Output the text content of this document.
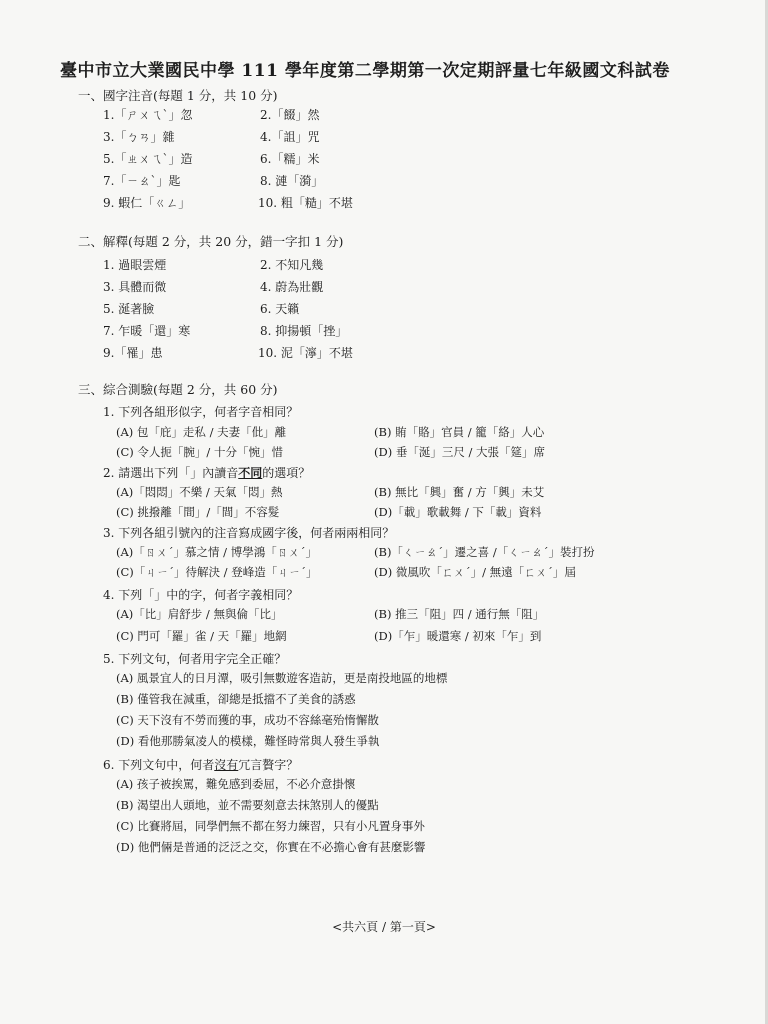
臺中市立大業國民中學 111 學年度第二學期第一次定期評量七年級國文科試卷
一、國字注音(每題 1 分，共 10 分)
1.「ㄕㄨㄟˋ」忽	2.「餟」然
3.「ㄅㄢ」雜	4.「詛」咒
5.「ㄓㄨㄟˋ」造	6.「糯」米
7.「ㄧㄠˋ」匙	8. 漣「漪」
9. 蝦仁「ㄍㄥ」	10. 粗「糙」不堪
二、解釋(每題 2 分，共 20 分，錯一字扣 1 分)
1. 過眼雲煙	2. 不知凡幾
3. 具體而微	4. 蔚為壯觀
5. 涎著臉	6. 天籟
7. 乍暖「還」寒	8. 抑揚頓「挫」
9.「罹」患	10. 泥「濘」不堪
三、綜合測驗(每題 2 分，共 60 分)
1. 下列各組形似字，何者字音相同？
(A) 包「庇」走私 / 夫妻「仳」離	(B) 賄「賂」官員 / 籠「絡」人心
(C) 令人扼「腕」/ 十分「惋」惜	(D) 垂「涎」三尺 / 大張「筵」席
2. 請選出下列「」內讀音不同的選項？
(A)「悶悶」不樂 / 天氣「悶」熱	(B) 無比「興」奮 / 方「興」未艾
(C) 挑撥離「間」/「間」不容髮	(D)「載」歌載舞 / 下「載」資料
3. 下列各組引號內的注音寫成國字後，何者兩兩相同？
(A)「ㄖㄨˊ」慕之情 / 博學鴻「ㄖㄨˊ」	(B)「ㄑㄧㄠˊ」遷之喜 /「ㄑㄧㄠˊ」裝打扮
(C)「ㄐㄧˊ」待解決 / 登峰造「ㄐㄧˊ」	(D) 微風吹「ㄈㄨˊ」/ 無遠「ㄈㄨˊ」屆
4. 下列「」中的字，何者字義相同？
(A)「比」肩舒步 / 無與倫「比」	(B) 推三「阻」四 / 通行無「阻」
(C) 門可「羅」雀 / 天「羅」地網	(D)「乍」暖還寒 / 初來「乍」到
5. 下列文句，何者用字完全正確？
(A) 風景宜人的日月潭，吸引無數遊客造訪，更是南投地區的地標
(B) 僅管我在減重，卻總是抵擋不了美食的誘惑
(C) 天下沒有不勞而獲的事，成功不容絲毫殆惰懈散
(D) 看他那勝氣凌人的模樣，難怪時常與人發生爭執
6. 下列文句中，何者沒有冗言贅字？
(A) 孩子被挨罵，難免感到委屈，不必介意掛懷
(B) 渴望出人頭地，並不需要刻意去抹煞別人的優點
(C) 比賽將屆，同學們無不都在努力練習，只有小凡置身事外
(D) 他們倆是普通的泛泛之交，你實在不必擔心會有甚麼影響
<共六頁 / 第一頁>
